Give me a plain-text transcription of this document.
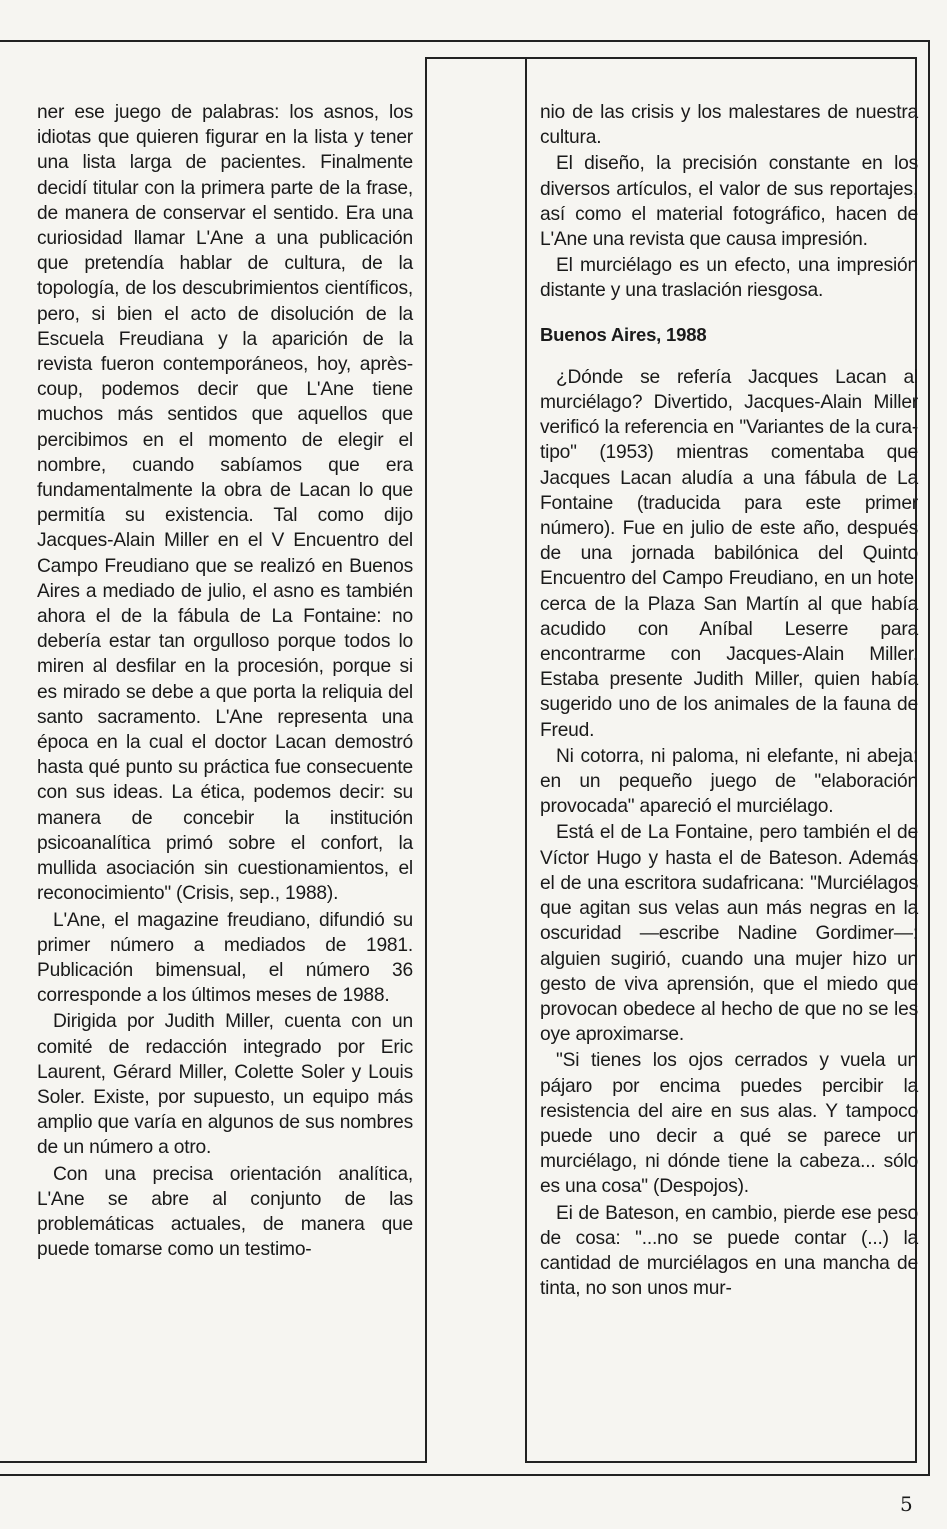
ner ese juego de palabras: los asnos, los idiotas que quieren figurar en la lista y tener una lista larga de pacientes. Finalmente decidí titular con la primera parte de la frase, de manera de conservar el sentido. Era una curiosidad llamar L'Ane a una publicación que pretendía hablar de cultura, de la topología, de los descubrimientos científicos, pero, si bien el acto de disolución de la Escuela Freudiana y la aparición de la revista fueron contemporáneos, hoy, après-coup, podemos decir que L'Ane tiene muchos más sentidos que aquellos que percibimos en el momento de elegir el nombre, cuando sabíamos que era fundamentalmente la obra de Lacan lo que permitía su existencia. Tal como dijo Jacques-Alain Miller en el V Encuentro del Campo Freudiano que se realizó en Buenos Aires a mediado de julio, el asno es también ahora el de la fábula de La Fontaine: no debería estar tan orgulloso porque todos lo miren al desfilar en la procesión, porque si es mirado se debe a que porta la reliquia del santo sacramento. L'Ane representa una época en la cual el doctor Lacan demostró hasta qué punto su práctica fue consecuente con sus ideas. La ética, podemos decir: su manera de concebir la institución psicoanalítica primó sobre el confort, la mullida asociación sin cuestionamientos, el reconocimiento" (Crisis, sep., 1988).

L'Ane, el magazine freudiano, difundió su primer número a mediados de 1981. Publicación bimensual, el número 36 corresponde a los últimos meses de 1988.

Dirigida por Judith Miller, cuenta con un comité de redacción integrado por Eric Laurent, Gérard Miller, Colette Soler y Louis Soler. Existe, por supuesto, un equipo más amplio que varía en algunos de sus nombres de un número a otro.

Con una precisa orientación analítica, L'Ane se abre al conjunto de las problemáticas actuales, de manera que puede tomarse como un testimo-

nio de las crisis y los malestares de nuestra cultura.

El diseño, la precisión constante en los diversos artículos, el valor de sus reportajes, así como el material fotográfico, hacen de L'Ane una revista que causa impresión.

El murciélago es un efecto, una impresión distante y una traslación riesgosa.

Buenos Aires, 1988

¿Dónde se refería Jacques Lacan al murciélago? Divertido, Jacques-Alain Miller verificó la referencia en "Variantes de la cura-tipo" (1953) mientras comentaba que Jacques Lacan aludía a una fábula de La Fontaine (traducida para este primer número). Fue en julio de este año, después de una jornada babilónica del Quinto Encuentro del Campo Freudiano, en un hotel cerca de la Plaza San Martín al que había acudido con Aníbal Leserre para encontrarme con Jacques-Alain Miller. Estaba presente Judith Miller, quien había sugerido uno de los animales de la fauna de Freud.

Ni cotorra, ni paloma, ni elefante, ni abeja: en un pequeño juego de "elaboración provocada" apareció el murciélago.

Está el de La Fontaine, pero también el de Víctor Hugo y hasta el de Bateson. Además el de una escritora sudafricana: "Murciélagos que agitan sus velas aun más negras en la oscuridad —escribe Nadine Gordimer—: alguien sugirió, cuando una mujer hizo un gesto de viva aprensión, que el miedo que provocan obedece al hecho de que no se les oye aproximarse.

"Si tienes los ojos cerrados y vuela un pájaro por encima puedes percibir la resistencia del aire en sus alas. Y tampoco puede uno decir a qué se parece un murciélago, ni dónde tiene la cabeza... sólo es una cosa" (Despojos).

Ei de Bateson, en cambio, pierde ese peso de cosa: "...no se puede contar (...) la cantidad de murciélagos en una mancha de tinta, no son unos mur-

5
